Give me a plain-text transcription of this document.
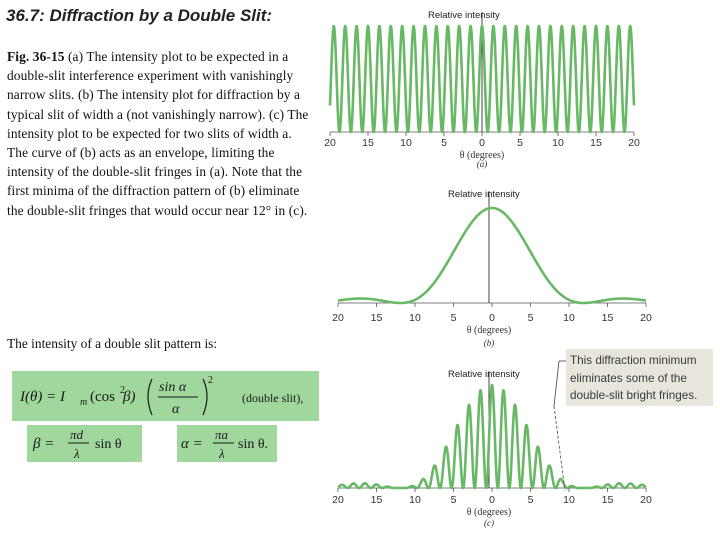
36.7: Diffraction by a Double Slit:
Fig. 36-15 (a) The intensity plot to be expected in a double-slit interference experiment with vanishingly narrow slits. (b) The intensity plot for diffraction by a typical slit of width a (not vanishingly narrow). (c) The intensity plot to be expected for two slits of width a. The curve of (b) acts as an envelope, limiting the intensity of the double-slit fringes in (a). Note that the first minima of the diffraction pattern of (b) eliminate the double-slit fringes that would occur near 12° in (c).
The intensity of a double slit pattern is:
I(θ) = I m (cos 2
β)
sin α
α
2
(double slit),
β =
πd
λ
sin θ	α =
πa
λ
sin θ.
Relative intensity
20	15	10	5	0	5	10	15	20
θ (degrees)
(a)
Relative intensity
20	15	10	5	0	5	10	15	20
θ (degrees)
(b)
Relative intensity
20	15	10	5	0	5	10	15	20
θ (degrees)
(c)
This diffraction minimum
eliminates some of the
double-slit bright fringes.
